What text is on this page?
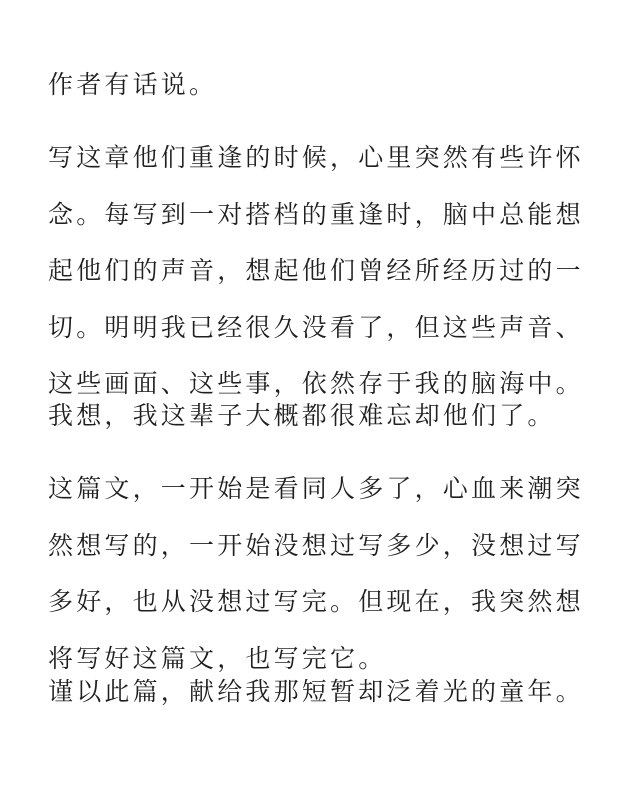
作者有话说。

写这章他们重逢的时候，心里突然有些许怀
念。每写到一对搭档的重逢时，脑中总能想
起他们的声音，想起他们曾经所经历过的一
切。明明我已经很久没看了，但这些声音、
这些画面、这些事，依然存于我的脑海中。

我想，我这辈子大概都很难忘却他们了。

这篇文，一开始是看同人多了，心血来潮突
然想写的，一开始没想过写多少，没想过写
多好，也从没想过写完。但现在，我突然想
将写好这篇文，也写完它。

谨以此篇，献给我那短暂却泛着光的童年。
